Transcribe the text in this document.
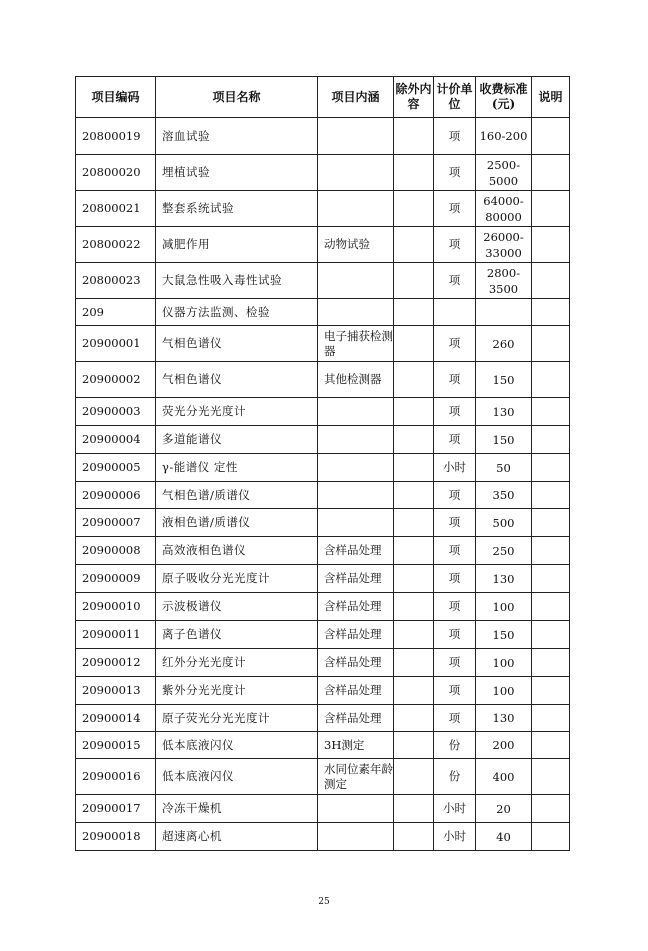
项目编码	项目名称	项目内涵	除外内容	计价单位	收费标准(元)	说明
20800019	溶血试验			项	160-200	
20800020	埋植试验			项	2500-5000	
20800021	整套系统试验			项	64000-80000	
20800022	减肥作用	动物试验		项	26000-33000	
20800023	大鼠急性吸入毒性试验			项	2800-3500	
209	仪器方法监测、检验					
20900001	气相色谱仪	电子捕获检测器		项	260	
20900002	气相色谱仪	其他检测器		项	150	
20900003	荧光分光光度计			项	130	
20900004	多道能谱仪			项	150	
20900005	γ-能谱仪 定性			小时	50	
20900006	气相色谱/质谱仪			项	350	
20900007	液相色谱/质谱仪			项	500	
20900008	高效液相色谱仪	含样品处理		项	250	
20900009	原子吸收分光光度计	含样品处理		项	130	
20900010	示波极谱仪	含样品处理		项	100	
20900011	离子色谱仪	含样品处理		项	150	
20900012	红外分光光度计	含样品处理		项	100	
20900013	紫外分光光度计	含样品处理		项	100	
20900014	原子荧光分光光度计	含样品处理		项	130	
20900015	低本底液闪仪	3H测定		份	200	
20900016	低本底液闪仪	水同位素年龄测定		份	400	
20900017	冷冻干燥机			小时	20	
20900018	超速离心机			小时	40	
25
